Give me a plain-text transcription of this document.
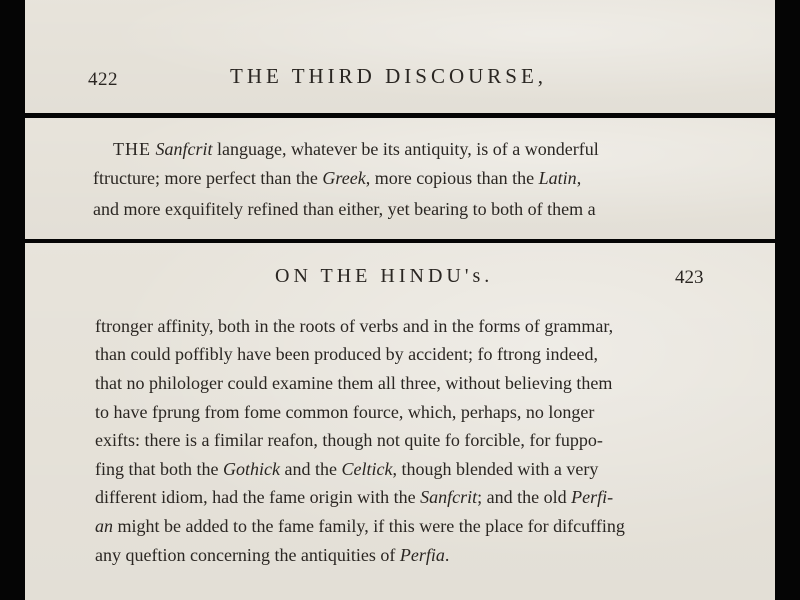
422	THE THIRD DISCOURSE,
THE Sanfcrit language, whatever be its antiquity, is of a wonderful
ftructure; more perfect than the Greek, more copious than the Latin,
and more exquifitely refined than either, yet bearing to both of them a
ON THE HINDU's.	423
ftronger affinity, both in the roots of verbs and in the forms of grammar,
than could poffibly have been produced by accident; fo ftrong indeed,
that no philologer could examine them all three, without believing them
to have fprung from fome common fource, which, perhaps, no longer
exifts: there is a fimilar reafon, though not quite fo forcible, for fuppo-
fing that both the Gothick and the Celtick, though blended with a very
different idiom, had the fame origin with the Sanfcrit; and the old Perfi-
an might be added to the fame family, if this were the place for difcuffing
any queftion concerning the antiquities of Perfia.
